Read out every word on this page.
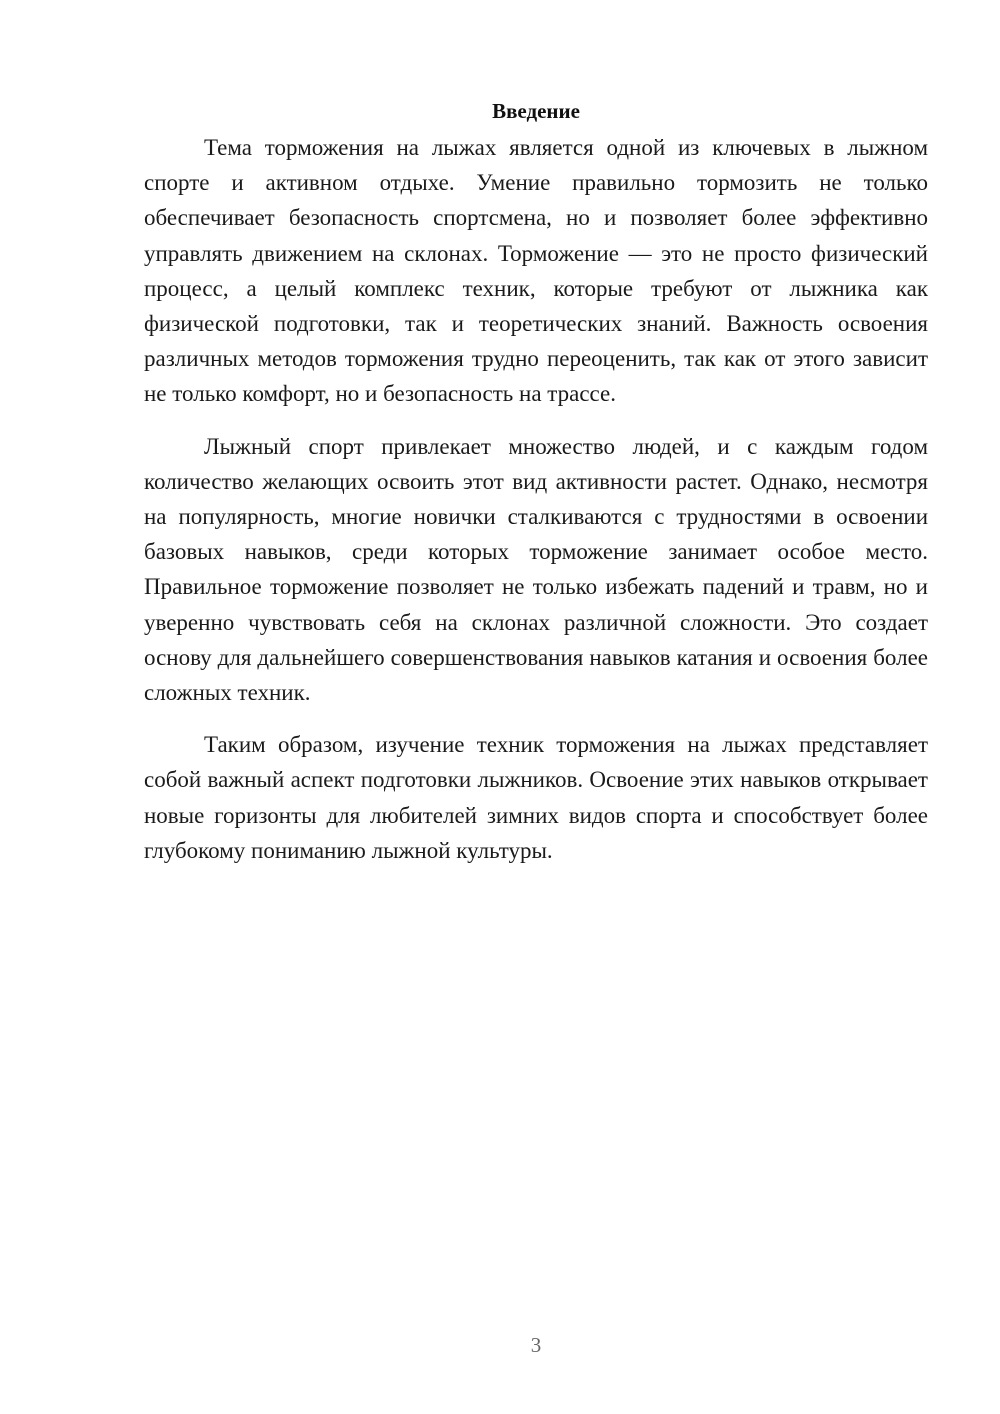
Введение

Тема торможения на лыжах является одной из ключевых в лыжном спорте и активном отдыхе. Умение правильно тормозить не только обеспечивает безопасность спортсмена, но и позволяет более эффективно управлять движением на склонах. Торможение — это не просто физический процесс, а целый комплекс техник, которые требуют от лыжника как физической подготовки, так и теоретических знаний. Важность освоения различных методов торможения трудно переоценить, так как от этого зависит не только комфорт, но и безопасность на трассе.

Лыжный спорт привлекает множество людей, и с каждым годом количество желающих освоить этот вид активности растет. Однако, несмотря на популярность, многие новички сталкиваются с трудностями в освоении базовых навыков, среди которых торможение занимает особое место. Правильное торможение позволяет не только избежать падений и травм, но и уверенно чувствовать себя на склонах различной сложности. Это создает основу для дальнейшего совершенствования навыков катания и освоения более сложных техник.

Таким образом, изучение техник торможения на лыжах представляет собой важный аспект подготовки лыжников. Освоение этих навыков открывает новые горизонты для любителей зимних видов спорта и способствует более глубокому пониманию лыжной культуры.

3
